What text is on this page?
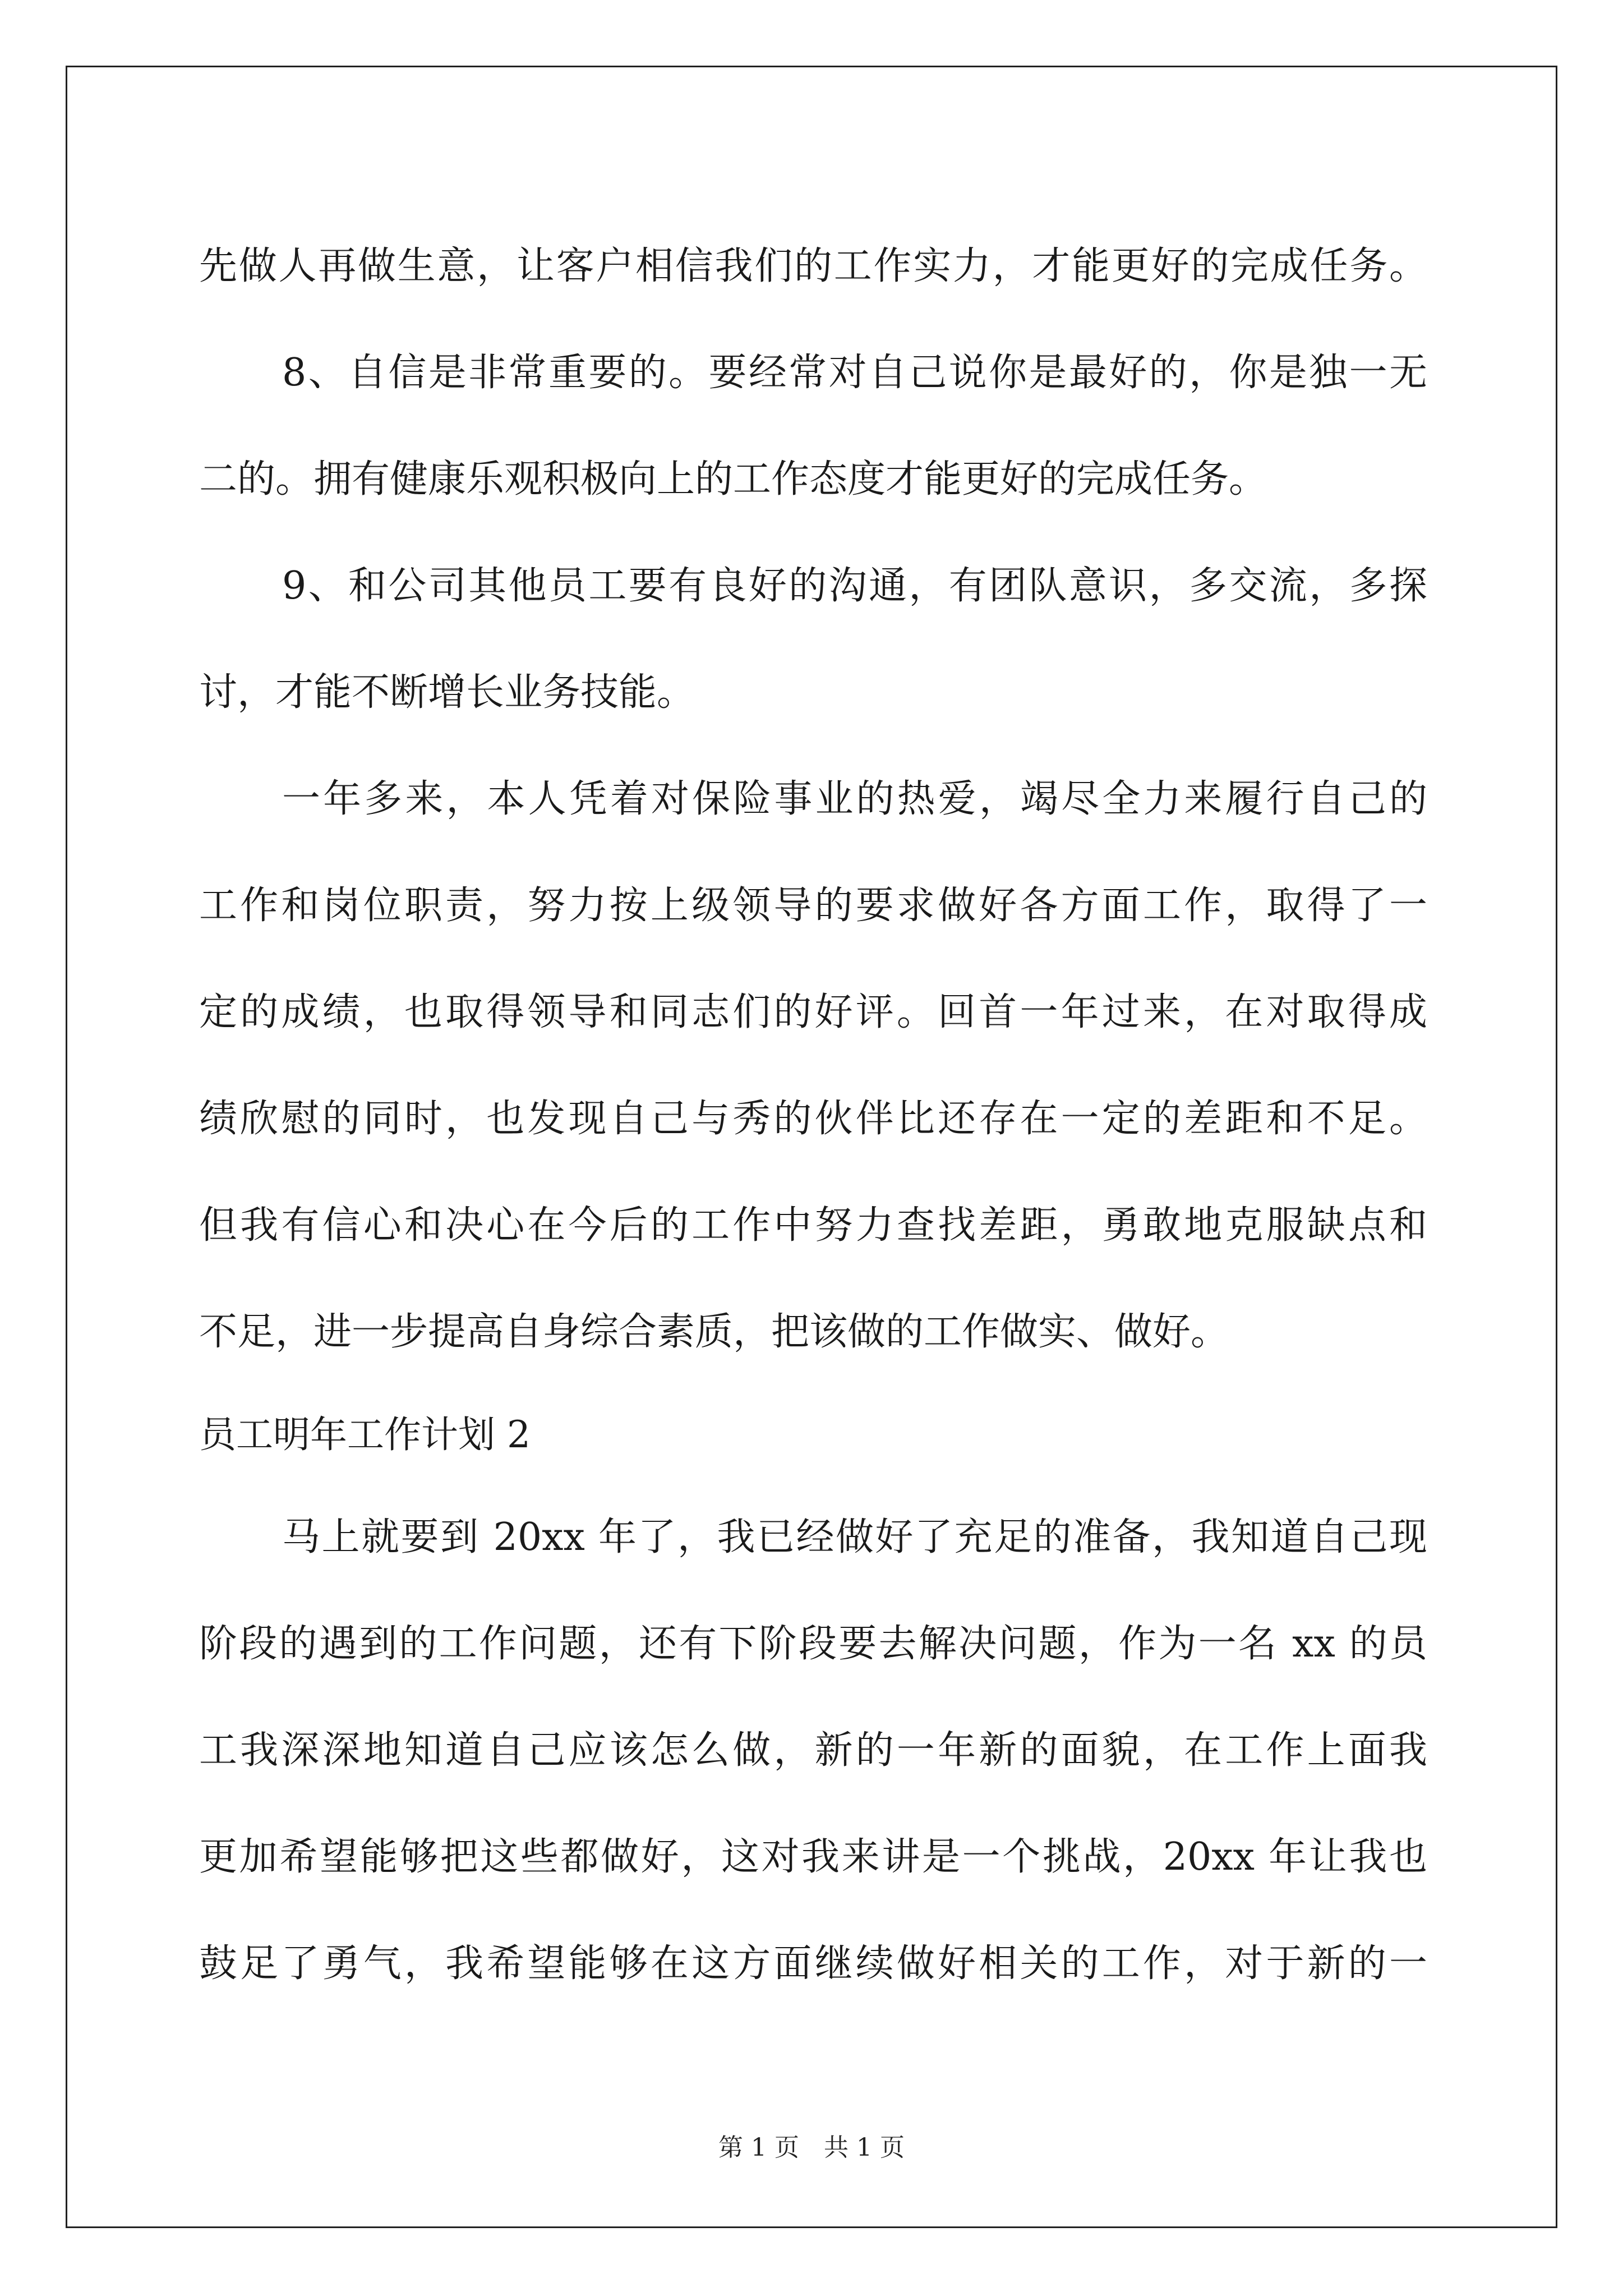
先做人再做生意，让客户相信我们的工作实力，才能更好的完成任务。
8、自信是非常重要的。要经常对自己说你是最好的，你是独一无
二的。拥有健康乐观积极向上的工作态度才能更好的完成任务。
9、和公司其他员工要有良好的沟通，有团队意识，多交流，多探
讨，才能不断增长业务技能。
一年多来，本人凭着对保险事业的热爱，竭尽全力来履行自己的
工作和岗位职责，努力按上级领导的要求做好各方面工作，取得了一
定的成绩，也取得领导和同志们的好评。回首一年过来，在对取得成
绩欣慰的同时，也发现自己与秀的伙伴比还存在一定的差距和不足。
但我有信心和决心在今后的工作中努力查找差距，勇敢地克服缺点和
不足，进一步提高自身综合素质，把该做的工作做实、做好。
员工明年工作计划 2
马上就要到 20xx 年了，我已经做好了充足的准备，我知道自己现
阶段的遇到的工作问题，还有下阶段要去解决问题，作为一名 xx 的员
工我深深地知道自己应该怎么做，新的一年新的面貌，在工作上面我
更加希望能够把这些都做好，这对我来讲是一个挑战，20xx 年让我也
鼓足了勇气，我希望能够在这方面继续做好相关的工作，对于新的一
第 1 页 共 1 页
